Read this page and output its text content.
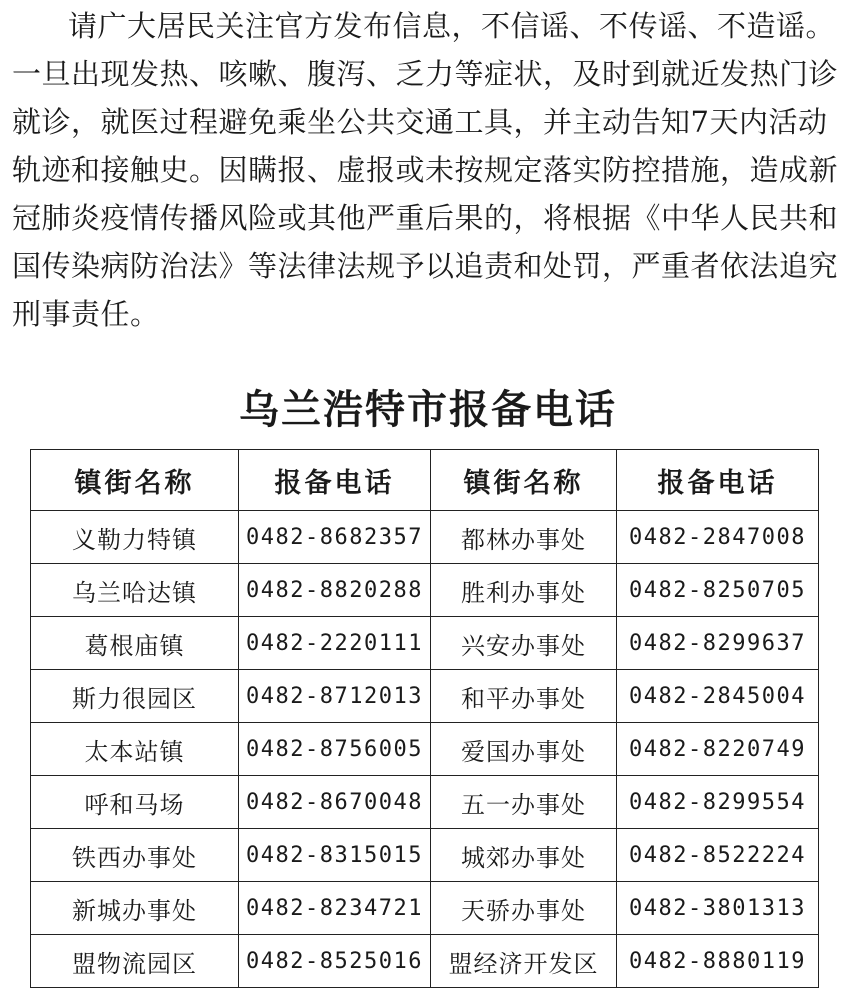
请广大居民关注官方发布信息，不信谣、不传谣、不造谣。
一旦出现发热、咳嗽、腹泻、乏力等症状，及时到就近发热门诊
就诊，就医过程避免乘坐公共交通工具，并主动告知7天内活动
轨迹和接触史。因瞒报、虚报或未按规定落实防控措施，造成新
冠肺炎疫情传播风险或其他严重后果的，将根据《中华人民共和
国传染病防治法》等法律法规予以追责和处罚，严重者依法追究
刑事责任。
乌兰浩特市报备电话
镇街名称	报备电话	镇街名称	报备电话
义勒力特镇	0482-8682357	都林办事处	0482-2847008
乌兰哈达镇	0482-8820288	胜利办事处	0482-8250705
葛根庙镇	0482-2220111	兴安办事处	0482-8299637
斯力很园区	0482-8712013	和平办事处	0482-2845004
太本站镇	0482-8756005	爱国办事处	0482-8220749
呼和马场	0482-8670048	五一办事处	0482-8299554
铁西办事处	0482-8315015	城郊办事处	0482-8522224
新城办事处	0482-8234721	天骄办事处	0482-3801313
盟物流园区	0482-8525016	盟经济开发区	0482-8880119
